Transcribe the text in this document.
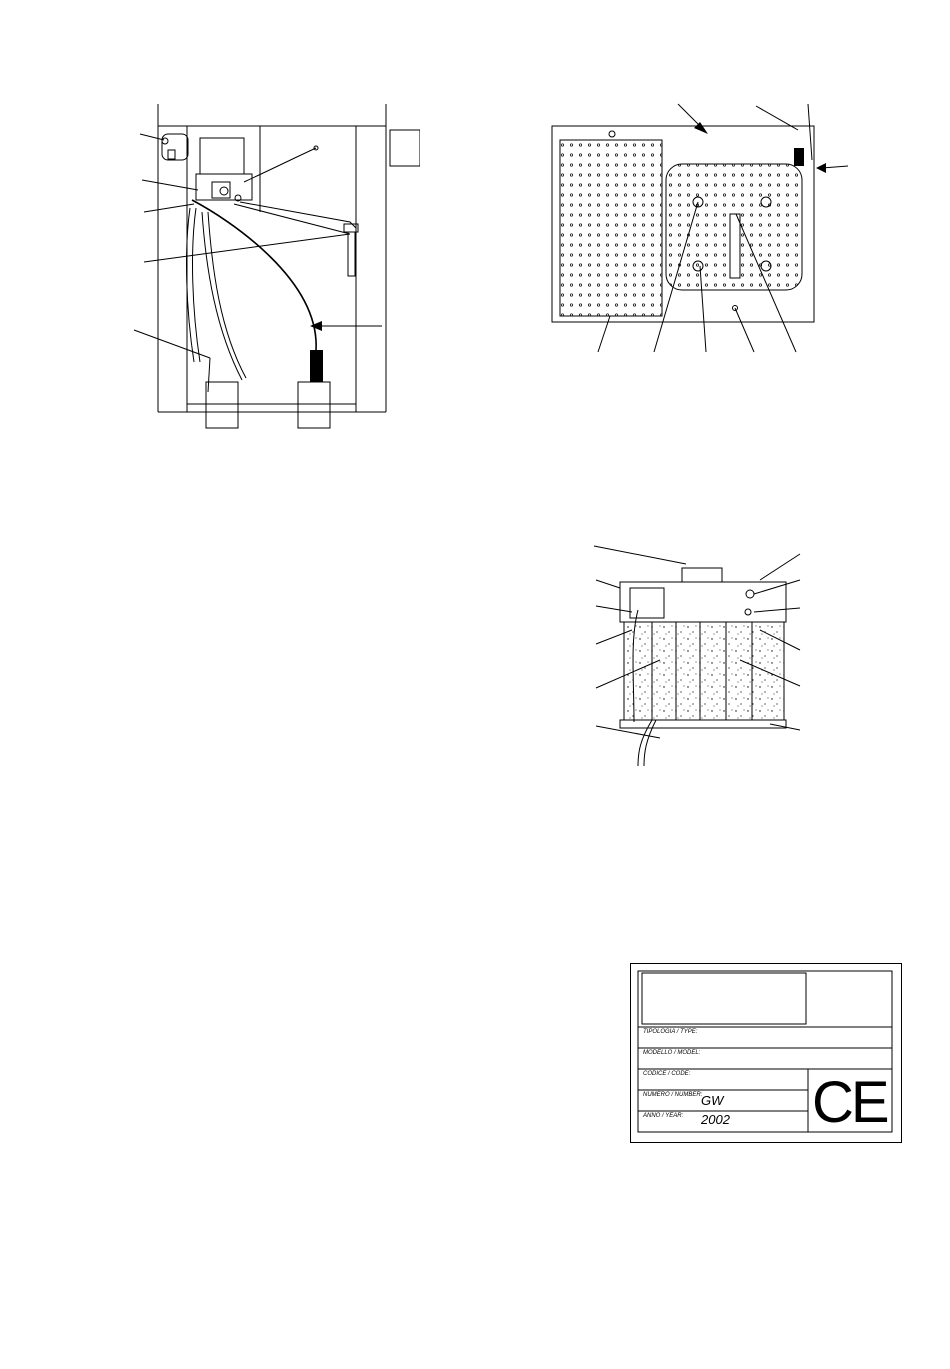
TIPOLOGIA / TYPE:
MODELLO / MODEL:
CODICE / CODE:
NUMERO / NUMBER:
GW
ANNO / YEAR: 2002 CE
